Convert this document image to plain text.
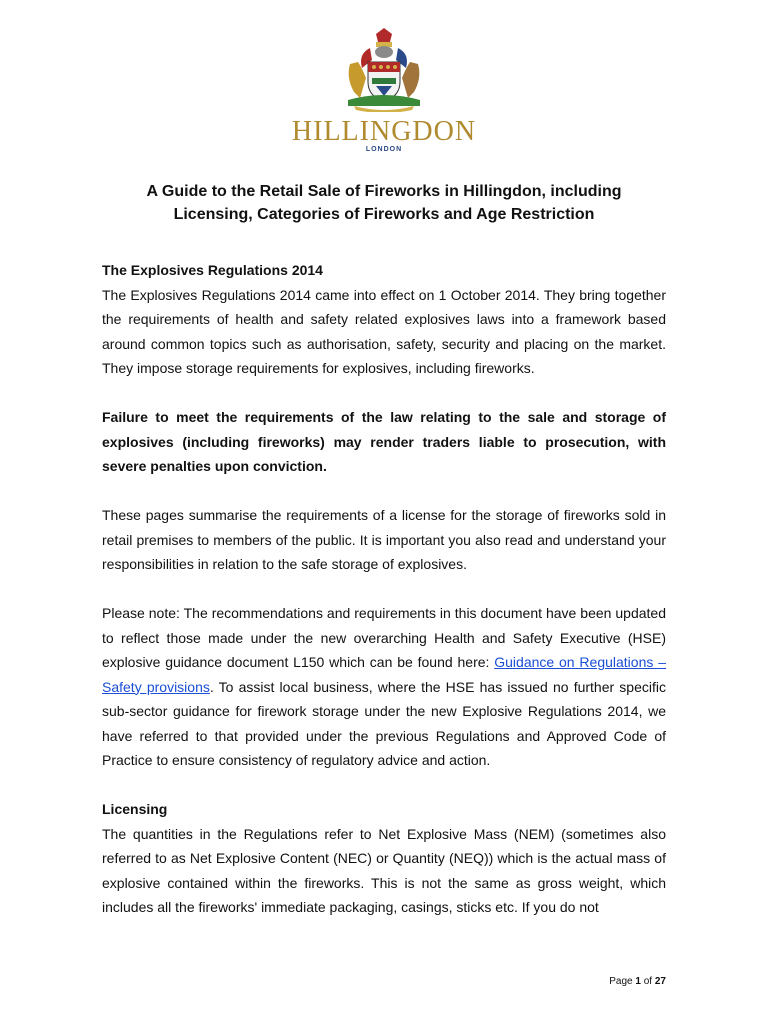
HILLINGDON
LONDON
A Guide to the Retail Sale of Fireworks in Hillingdon, including
Licensing, Categories of Fireworks and Age Restriction

The Explosives Regulations 2014

The Explosives Regulations 2014 came into effect on 1 October 2014. They bring together the requirements of health and safety related explosives laws into a framework based around common topics such as authorisation, safety, security and placing on the market. They impose storage requirements for explosives, including fireworks.

Failure to meet the requirements of the law relating to the sale and storage of explosives (including fireworks) may render traders liable to prosecution, with severe penalties upon conviction.

These pages summarise the requirements of a license for the storage of fireworks sold in retail premises to members of the public. It is important you also read and understand your responsibilities in relation to the safe storage of explosives.

Please note: The recommendations and requirements in this document have been updated to reflect those made under the new overarching Health and Safety Executive (HSE) explosive guidance document L150 which can be found here: Guidance on Regulations – Safety provisions. To assist local business, where the HSE has issued no further specific sub-sector guidance for firework storage under the new Explosive Regulations 2014, we have referred to that provided under the previous Regulations and Approved Code of Practice to ensure consistency of regulatory advice and action.

Licensing

The quantities in the Regulations refer to Net Explosive Mass (NEM) (sometimes also referred to as Net Explosive Content (NEC) or Quantity (NEQ)) which is the actual mass of explosive contained within the fireworks. This is not the same as gross weight, which includes all the fireworks' immediate packaging, casings, sticks etc. If you do not

Page 1 of 27
